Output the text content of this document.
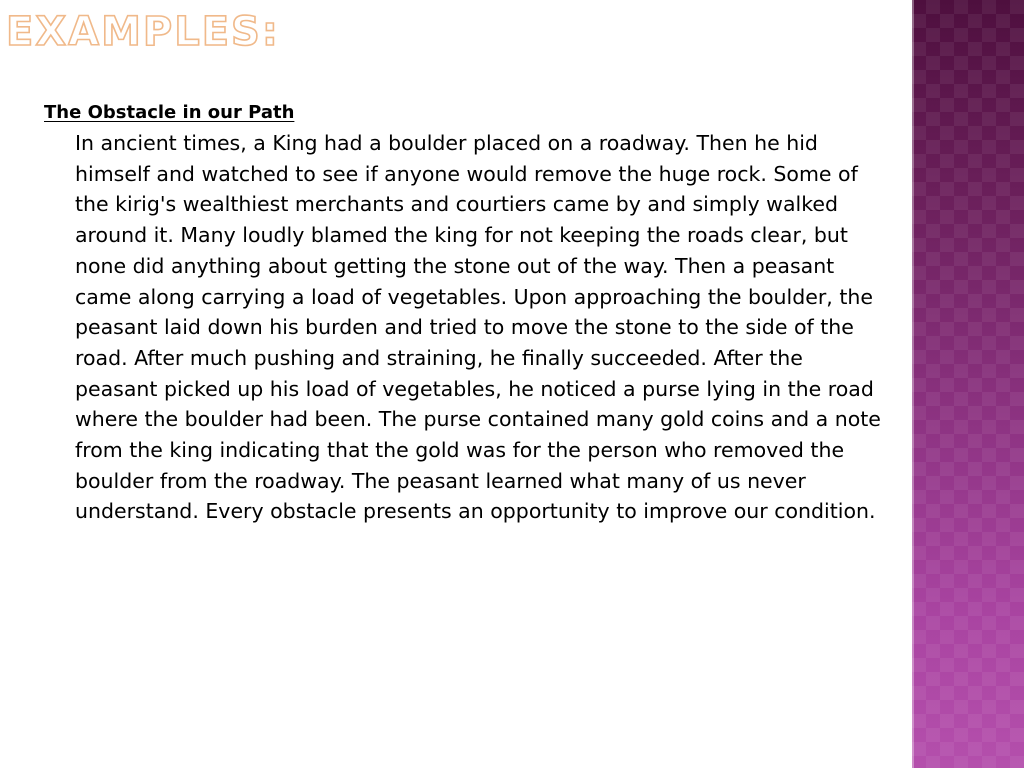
EXAMPLES:
The Obstacle in our Path

In ancient times, a King had a boulder placed on a roadway. Then he hid himself and watched to see if anyone would remove the huge rock. Some of the kirig's wealthiest merchants and courtiers came by and simply walked around it. Many loudly blamed the king for not keeping the roads clear, but none did anything about getting the stone out of the way. Then a peasant came along carrying a load of vegetables. Upon approaching the boulder, the peasant laid down his burden and tried to move the stone to the side of the road. After much pushing and straining, he finally succeeded. After the peasant picked up his load of vegetables, he noticed a purse lying in the road where the boulder had been. The purse contained many gold coins and a note from the king indicating that the gold was for the person who removed the boulder from the roadway. The peasant learned what many of us never understand. Every obstacle presents an opportunity to improve our condition.
